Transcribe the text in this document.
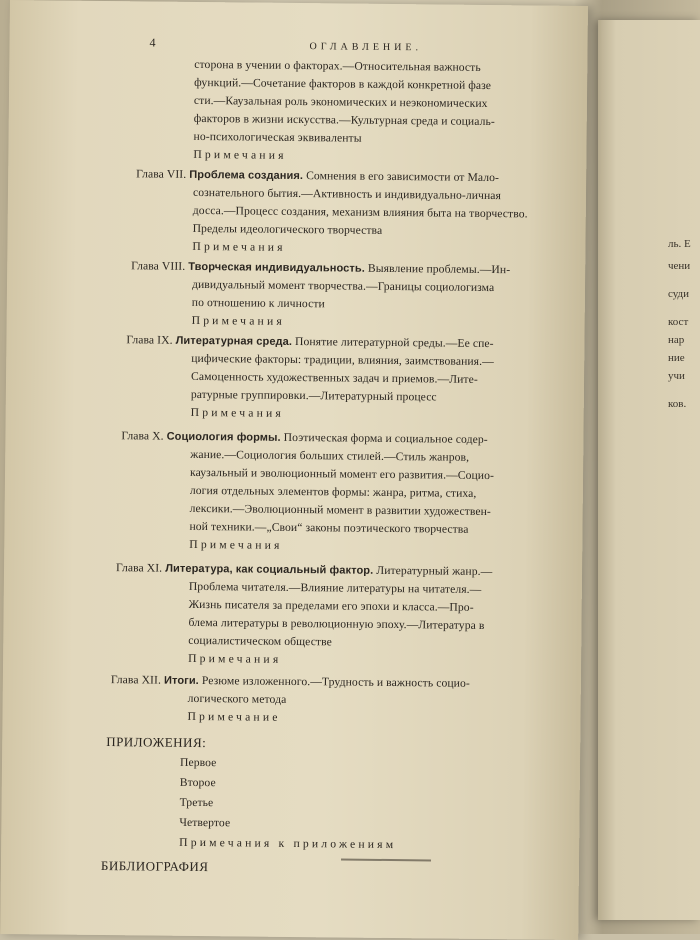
ль. Е
чени
суди
кост
нар
ние
учи
ков.
4	ОГЛАВЛЕНИЕ.
сторона в учении о факторах.—Относительная важность
функций.—Сочетание факторов в каждой конкретной фазе
сти.—Каузальная роль экономических и неэкономических
факторов в жизни искусства.—Культурная среда и социаль-
но-психологическая эквиваленты
Примечания
Глава VII. Проблема создания. Сомнения в его зависимости от Мало-
сознательного бытия.—Активность и индивидуально-личная
досса.—Процесс создания, механизм влияния быта на творчество.
Пределы идеологического творчества
Примечания
Глава VIII. Творческая индивидуальность. Выявление проблемы.—Ин-
дивидуальный момент творчества.—Границы социологизма
по отношению к личности
Примечания
Глава IX. Литературная среда. Понятие литературной среды.—Ее спе-
цифические факторы: традиции, влияния, заимствования.—
Самоценность художественных задач и приемов.—Лите-
ратурные группировки.—Литературный процесс
Примечания
Глава X. Социология формы. Поэтическая форма и социальное содер-
жание.—Социология больших стилей.—Стиль жанров,
каузальный и эволюционный момент его развития.—Социо-
логия отдельных элементов формы: жанра, ритма, стиха,
лексики.—Эволюционный момент в развитии художествен-
ной техники.—„Свои“ законы поэтического творчества
Примечания
Глава XI. Литература, как социальный фактор. Литературный жанр.—
Проблема читателя.—Влияние литературы на читателя.—
Жизнь писателя за пределами его эпохи и класса.—Про-
блема литературы в революционную эпоху.—Литература в
социалистическом обществе
Примечания
Глава XII. Итоги. Резюме изложенного.—Трудность и важность социо-
логического метода
Примечание
ПРИЛОЖЕНИЯ:
Первое
Второе
Третье
Четвертое
Примечания к приложениям
БИБЛИОГРАФИЯ
